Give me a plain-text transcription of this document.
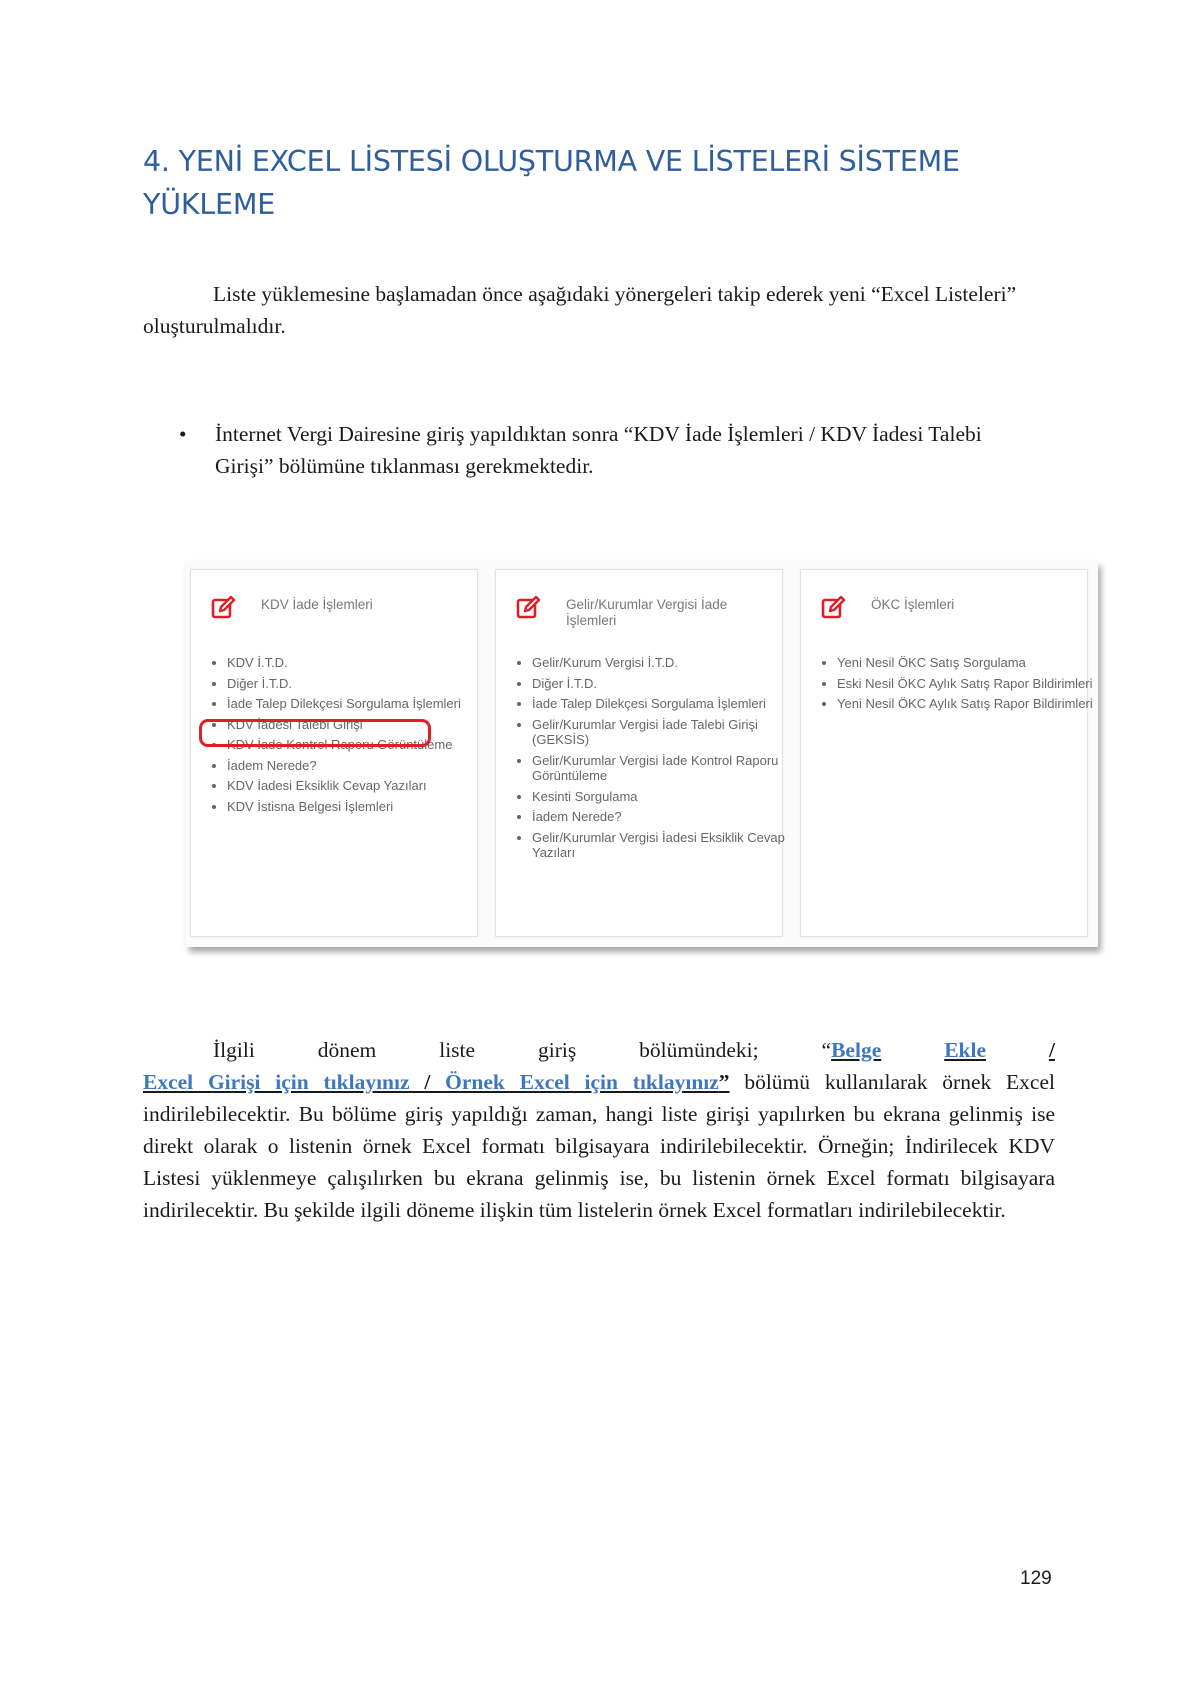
4. YENİ EXCEL LİSTESİ OLUŞTURMA VE LİSTELERİ SİSTEME
YÜKLEME

Liste yüklemesine başlamadan önce aşağıdaki yönergeleri takip ederek yeni “Excel Listeleri” oluşturulmalıdır.

• İnternet Vergi Dairesine giriş yapıldıktan sonra “KDV İade İşlemleri / KDV İadesi Talebi Girişi” bölümüne tıklanması gerekmektedir.
KDV İade İşlemleri
• KDV İ.T.D.
• Diğer İ.T.D.
• İade Talep Dilekçesi Sorgulama İşlemleri
• KDV İadesi Talebi Girişi
• KDV İade Kontrol Raporu Görüntüleme
• İadem Nerede?
• KDV İadesi Eksiklik Cevap Yazıları
• KDV İstisna Belgesi İşlemleri
Gelir/Kurumlar Vergisi İade İşlemleri
• Gelir/Kurum Vergisi İ.T.D.
• Diğer İ.T.D.
• İade Talep Dilekçesi Sorgulama İşlemleri
• Gelir/Kurumlar Vergisi İade Talebi Girişi (GEKSİS)
• Gelir/Kurumlar Vergisi İade Kontrol Raporu Görüntüleme
• Kesinti Sorgulama
• İadem Nerede?
• Gelir/Kurumlar Vergisi İadesi Eksiklik Cevap Yazıları
ÖKC İşlemleri
• Yeni Nesil ÖKC Satış Sorgulama
• Eski Nesil ÖKC Aylık Satış Rapor Bildirimleri
• Yeni Nesil ÖKC Aylık Satış Rapor Bildirimleri
İlgili	dönem	liste	giriş	bölümündeki;	“Belge	Ekle	/
Excel Girişi için tıklayınız / Örnek Excel için tıklayınız” bölümü kullanılarak örnek Excel indirilebilecektir. Bu bölüme giriş yapıldığı zaman, hangi liste girişi yapılırken bu ekrana gelinmiş ise direkt olarak o listenin örnek Excel formatı bilgisayara indirilebilecektir. Örneğin; İndirilecek KDV Listesi yüklenmeye çalışılırken bu ekrana gelinmiş ise, bu listenin örnek Excel formatı bilgisayara indirilecektir. Bu şekilde ilgili döneme ilişkin tüm listelerin örnek Excel formatları indirilebilecektir.
129
